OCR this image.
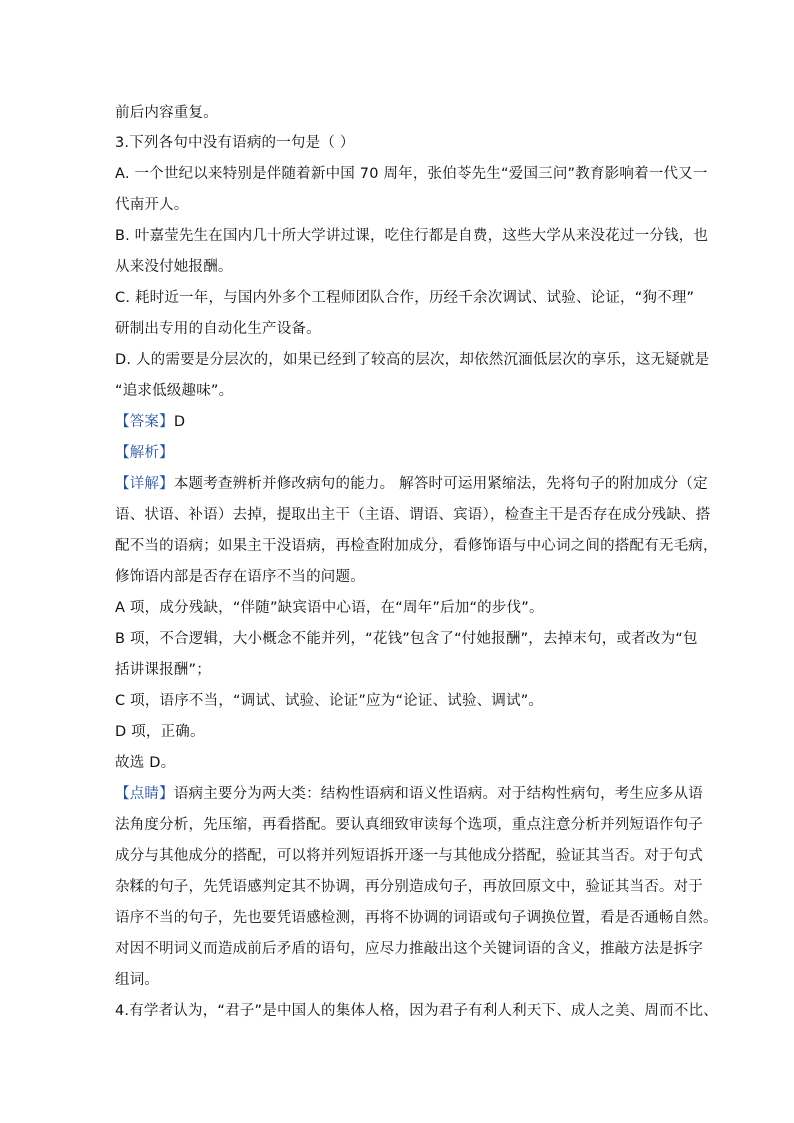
前后内容重复。
3.下列各句中没有语病的一句是（ ）
A. 一个世纪以来特别是伴随着新中国 70 周年，张伯苓先生“爱国三问”教育影响着一代又一
代南开人。
B. 叶嘉莹先生在国内几十所大学讲过课，吃住行都是自费，这些大学从来没花过一分钱，也
从来没付她报酬。
C. 耗时近一年，与国内外多个工程师团队合作，历经千余次调试、试验、论证，“狗不理”
研制出专用的自动化生产设备。
D. 人的需要是分层次的，如果已经到了较高的层次，却依然沉湎低层次的享乐，这无疑就是
“追求低级趣味”。
【答案】D
【解析】
【详解】本题考查辨析并修改病句的能力。 解答时可运用紧缩法，先将句子的附加成分（定
语、状语、补语）去掉，提取出主干（主语、谓语、宾语），检查主干是否存在成分残缺、搭
配不当的语病；如果主干没语病，再检查附加成分，看修饰语与中心词之间的搭配有无毛病，
修饰语内部是否存在语序不当的问题。
A 项，成分残缺，“伴随”缺宾语中心语，在“周年”后加“的步伐”。
B 项，不合逻辑，大小概念不能并列，“花钱”包含了“付她报酬”，去掉末句，或者改为“包
括讲课报酬”；
C 项，语序不当，“调试、试验、论证”应为“论证、试验、调试”。
D 项，正确。
故选 D。
【点睛】语病主要分为两大类：结构性语病和语义性语病。对于结构性病句，考生应多从语
法角度分析，先压缩，再看搭配。要认真细致审读每个选项，重点注意分析并列短语作句子
成分与其他成分的搭配，可以将并列短语拆开逐一与其他成分搭配，验证其当否。对于句式
杂糅的句子，先凭语感判定其不协调，再分别造成句子，再放回原文中，验证其当否。对于
语序不当的句子，先也要凭语感检测，再将不协调的词语或句子调换位置，看是否通畅自然。
对因不明词义而造成前后矛盾的语句，应尽力推敲出这个关键词语的含义，推敲方法是拆字
组词。
4.有学者认为，“君子”是中国人的集体人格，因为君子有利人利天下、成人之美、周而不比、
